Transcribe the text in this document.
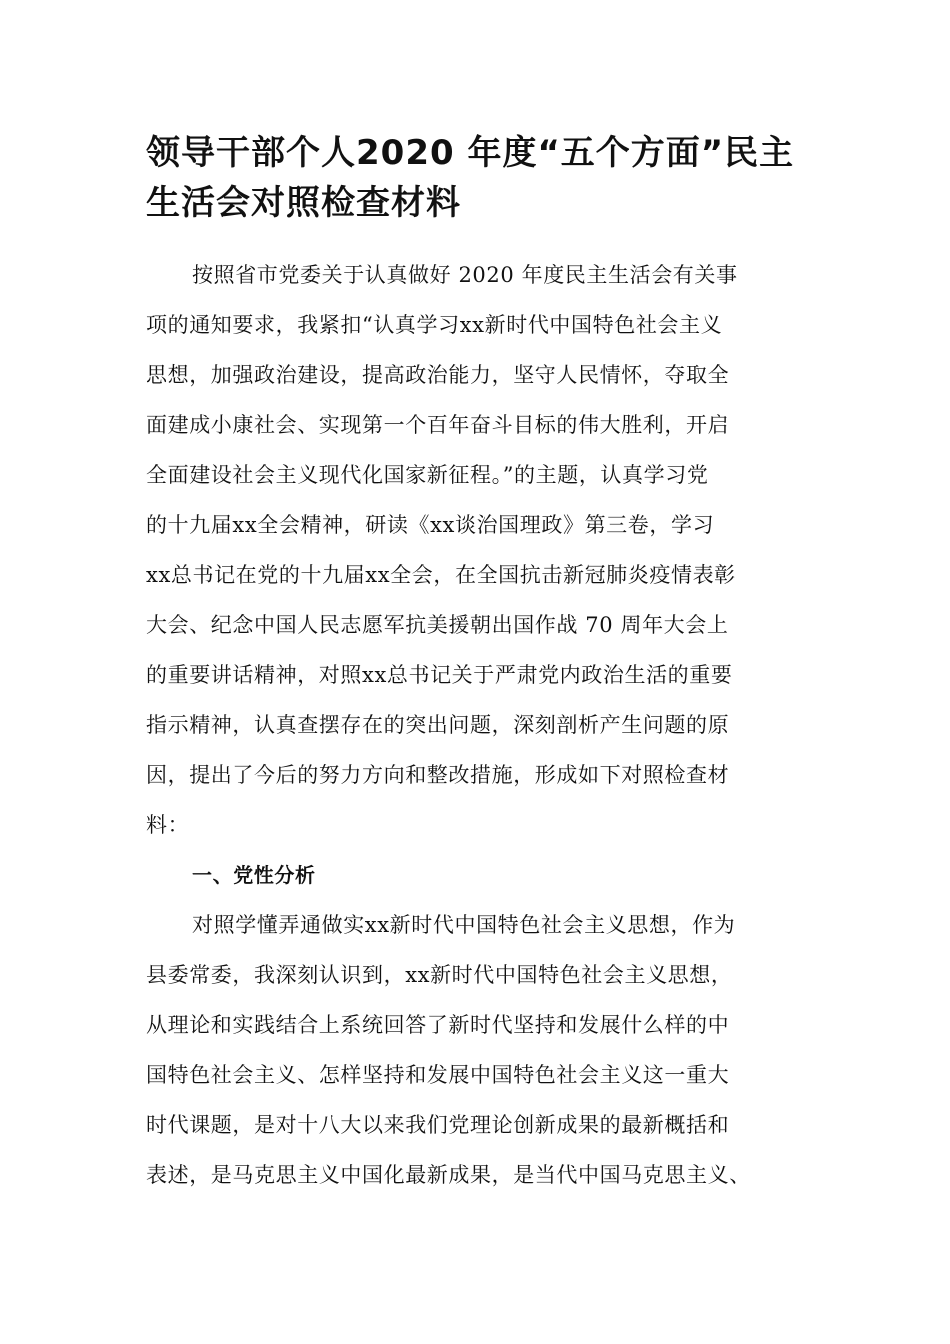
领导干部个人2020 年度“五个方面”民主
生活会对照检查材料
按照省市党委关于认真做好 2020 年度民主生活会有关事
项的通知要求，我紧扣“认真学习xx新时代中国特色社会主义
思想，加强政治建设，提高政治能力，坚守人民情怀，夺取全
面建成小康社会、实现第一个百年奋斗目标的伟大胜利，开启
全面建设社会主义现代化国家新征程。”的主题，认真学习党
的十九届xx全会精神，研读《xx谈治国理政》第三卷，学习
xx总书记在党的十九届xx全会，在全国抗击新冠肺炎疫情表彰
大会、纪念中国人民志愿军抗美援朝出国作战 70 周年大会上
的重要讲话精神，对照xx总书记关于严肃党内政治生活的重要
指示精神，认真查摆存在的突出问题，深刻剖析产生问题的原
因，提出了今后的努力方向和整改措施，形成如下对照检查材
料：
一、党性分析
对照学懂弄通做实xx新时代中国特色社会主义思想，作为
县委常委，我深刻认识到，xx新时代中国特色社会主义思想，
从理论和实践结合上系统回答了新时代坚持和发展什么样的中
国特色社会主义、怎样坚持和发展中国特色社会主义这一重大
时代课题，是对十八大以来我们党理论创新成果的最新概括和
表述，是马克思主义中国化最新成果，是当代中国马克思主义、
